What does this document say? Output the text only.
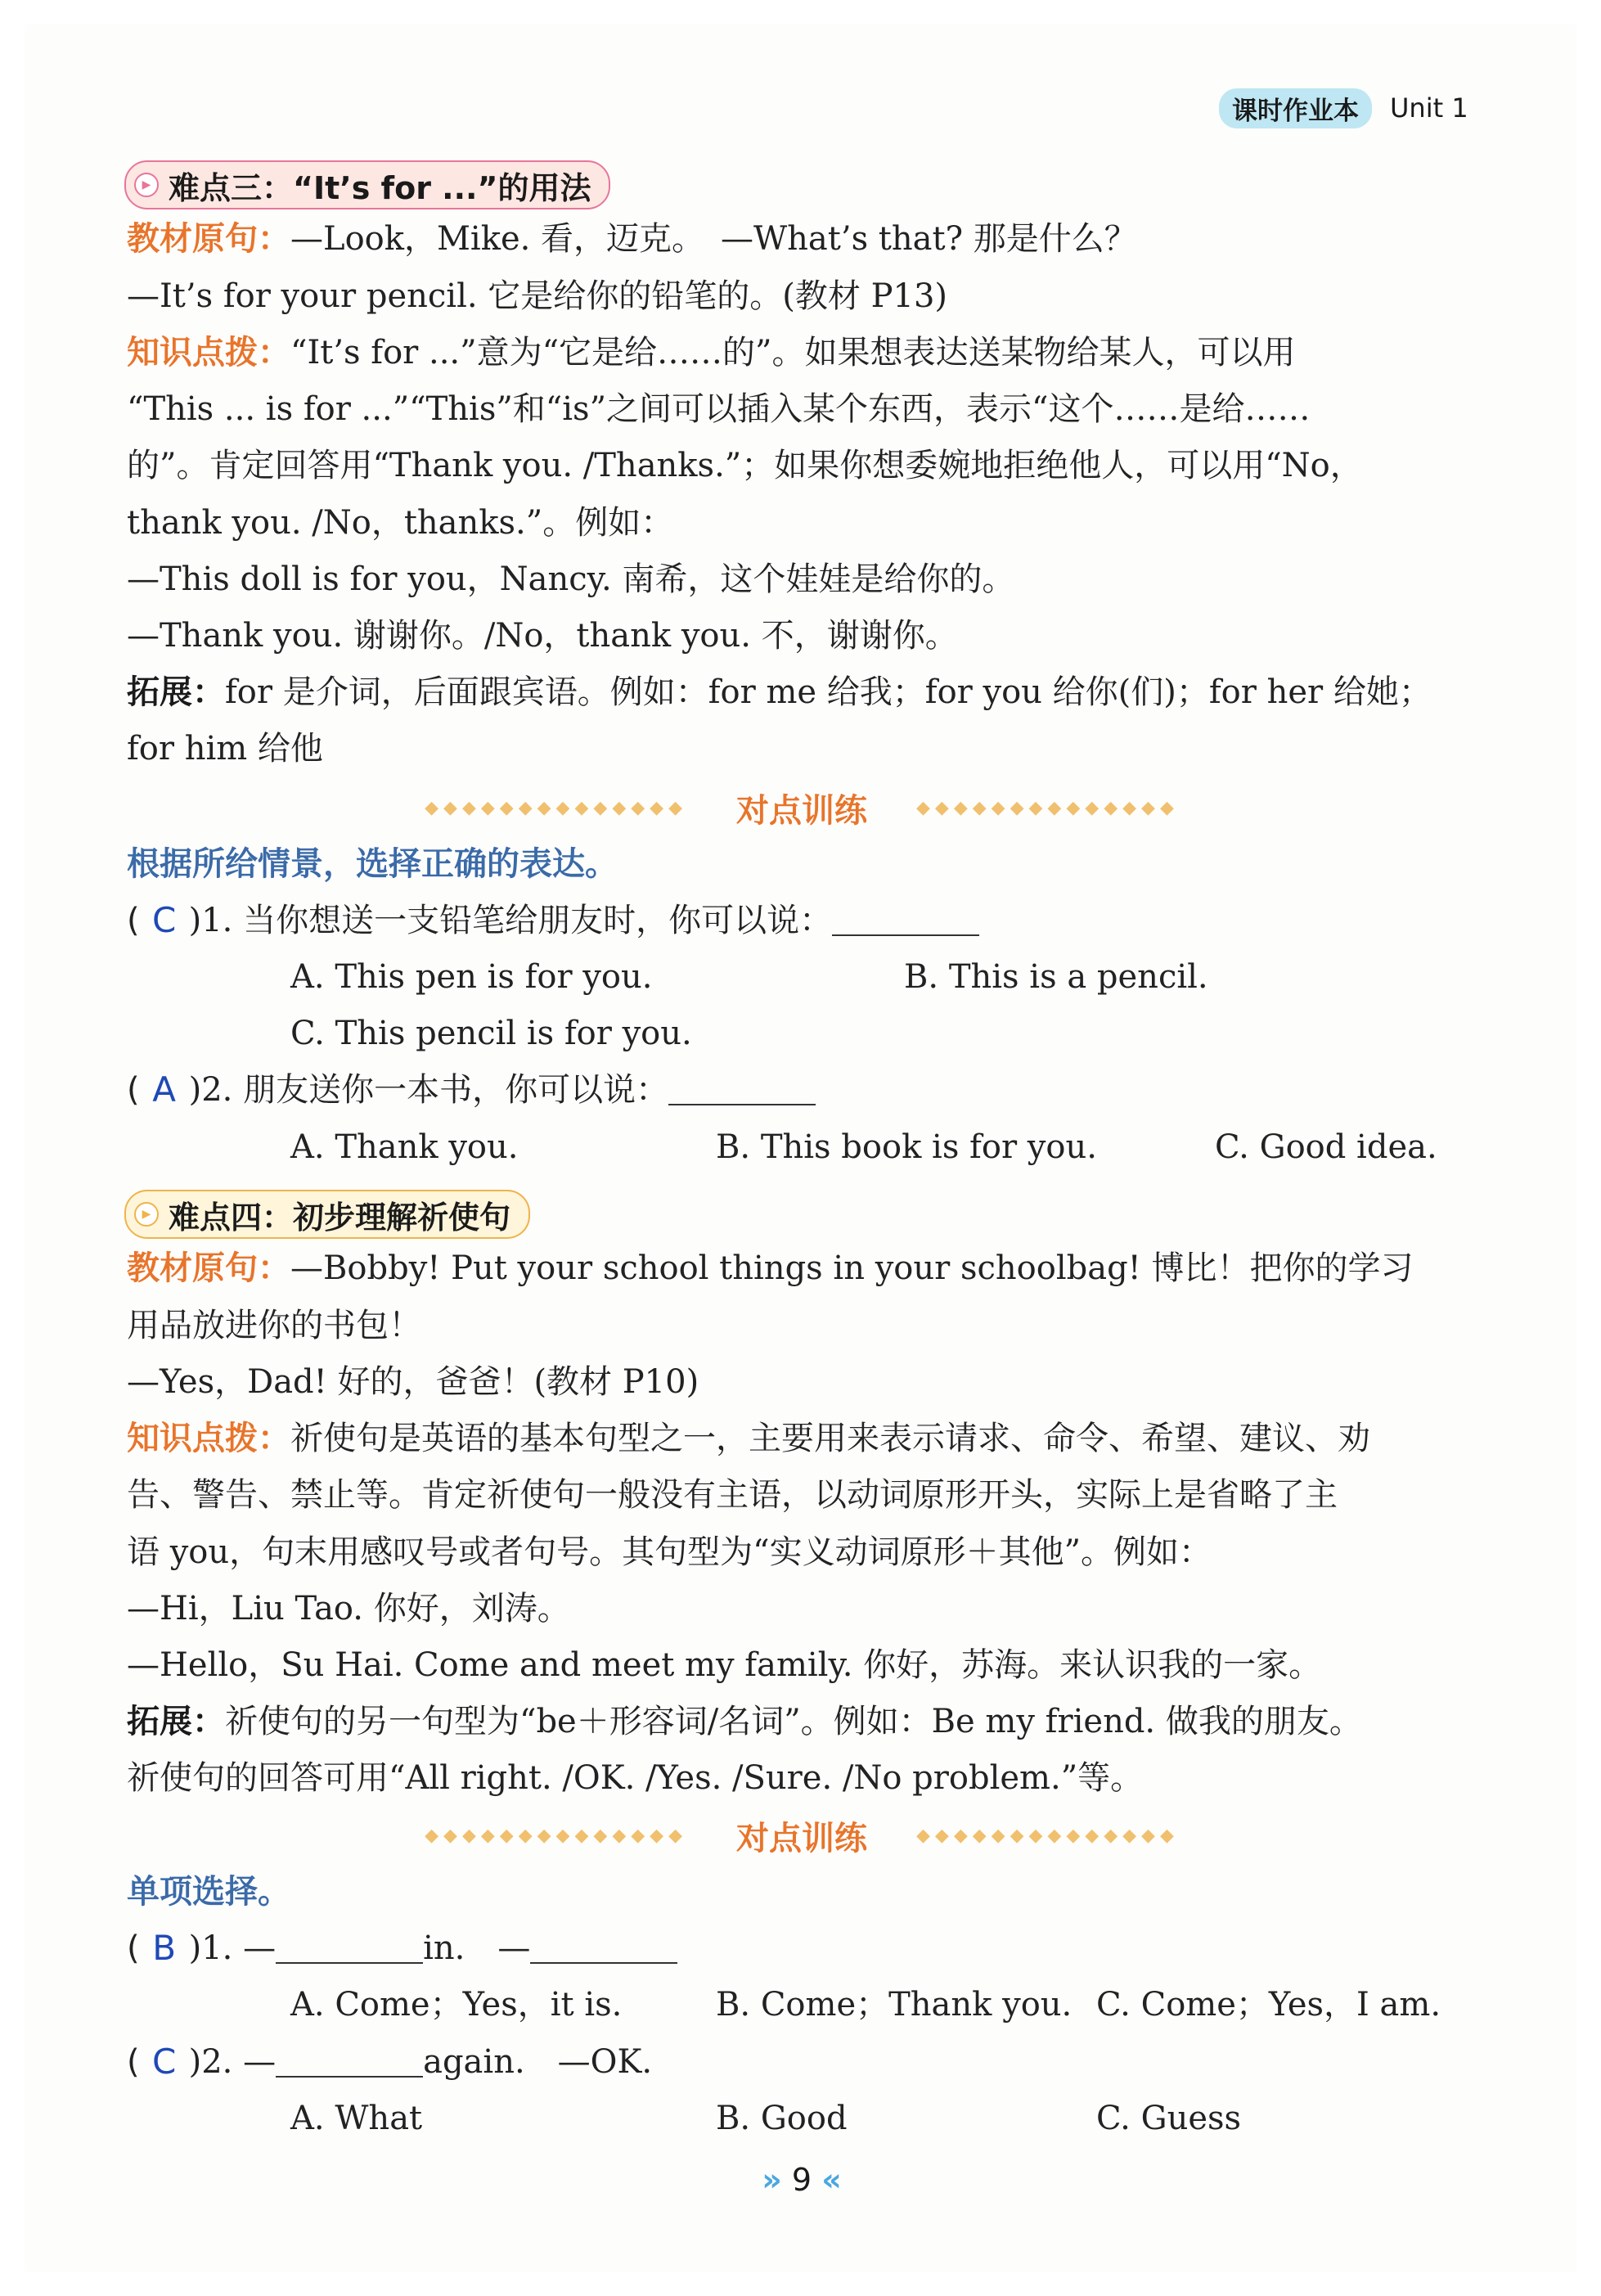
课时作业本	Unit 1
▶ 难点三：“It’s for ...”的用法
教材原句：—Look，Mike. 看，迈克。　—What’s that? 那是什么？
—It’s for your pencil. 它是给你的铅笔的。(教材 P13)
知识点拨：“It’s for ...”意为“它是给……的”。如果想表达送某物给某人，可以用
“This ... is for ...”“This”和“is”之间可以插入某个东西，表示“这个……是给……
的”。肯定回答用“Thank you. /Thanks.”；如果你想委婉地拒绝他人，可以用“No，
thank you. /No，thanks.”。例如：
—This doll is for you，Nancy. 南希，这个娃娃是给你的。
—Thank you. 谢谢你。/No，thank you. 不，谢谢你。
拓展：for 是介词，后面跟宾语。例如：for me 给我；for you 给你(们)；for her 给她；
for him 给他
◆◆◆◆◆◆◆◆◆◆◆◆◆◆ 对点训练	◆◆◆◆◆◆◆◆◆◆◆◆◆◆
根据所给情景，选择正确的表达。
( C )1. 当你想送一支铅笔给朋友时，你可以说：
A. This pen is for you.	B. This is a pencil.
C. This pencil is for you.
( A )2. 朋友送你一本书，你可以说：
A. Thank you.	B. This book is for you.	C. Good idea.
▶ 难点四：初步理解祈使句
教材原句：—Bobby! Put your school things in your schoolbag! 博比！把你的学习
用品放进你的书包！
—Yes，Dad! 好的，爸爸！(教材 P10)
知识点拨：祈使句是英语的基本句型之一，主要用来表示请求、命令、希望、建议、劝
告、警告、禁止等。肯定祈使句一般没有主语，以动词原形开头，实际上是省略了主
语 you，句末用感叹号或者句号。其句型为“实义动词原形＋其他”。例如：
—Hi，Liu Tao. 你好，刘涛。
—Hello，Su Hai. Come and meet my family. 你好，苏海。来认识我的一家。
拓展：祈使句的另一句型为“be＋形容词/名词”。例如：Be my friend. 做我的朋友。
祈使句的回答可用“All right. /OK. /Yes. /Sure. /No problem.”等。
◆◆◆◆◆◆◆◆◆◆◆◆◆◆ 对点训练	◆◆◆◆◆◆◆◆◆◆◆◆◆◆
单项选择。
( B )1. —	in.　—
A. Come；Yes，it is.	B. Come；Thank you. C. Come；Yes，I am.
( C )2. —	again.　—OK.
A. What	B. Good	C. Guess
» 9 «
